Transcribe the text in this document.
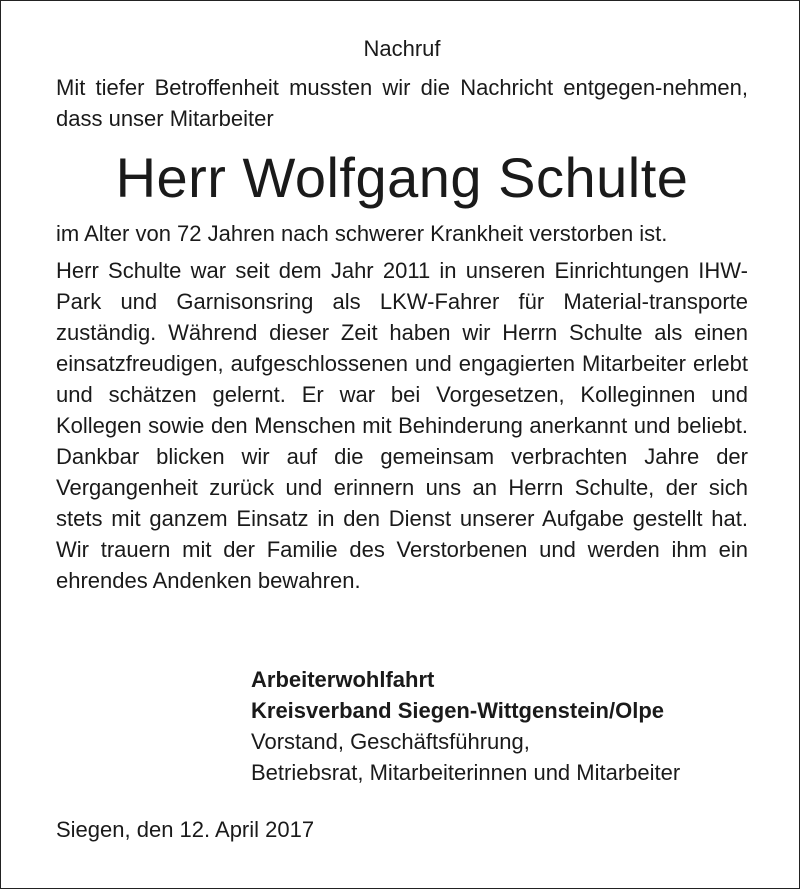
Nachruf

Mit tiefer Betroffenheit mussten wir die Nachricht entgegen-nehmen, dass unser Mitarbeiter

Herr Wolfgang Schulte

im Alter von 72 Jahren nach schwerer Krankheit verstorben ist.

Herr Schulte war seit dem Jahr 2011 in unseren Einrichtungen IHW-Park und Garnisonsring als LKW-Fahrer für Material-transporte zuständig. Während dieser Zeit haben wir Herrn Schulte als einen einsatzfreudigen, aufgeschlossenen und engagierten Mitarbeiter erlebt und schätzen gelernt. Er war bei Vorgesetzen, Kolleginnen und Kollegen sowie den Menschen mit Behinderung anerkannt und beliebt. Dankbar blicken wir auf die gemeinsam verbrachten Jahre der Vergangenheit zurück und erinnern uns an Herrn Schulte, der sich stets mit ganzem Einsatz in den Dienst unserer Aufgabe gestellt hat. Wir trauern mit der Familie des Verstorbenen und werden ihm ein ehrendes Andenken bewahren.

Arbeiterwohlfahrt
Kreisverband Siegen-Wittgenstein/Olpe
Vorstand, Geschäftsführung,
Betriebsrat, Mitarbeiterinnen und Mitarbeiter
Siegen, den 12. April 2017
